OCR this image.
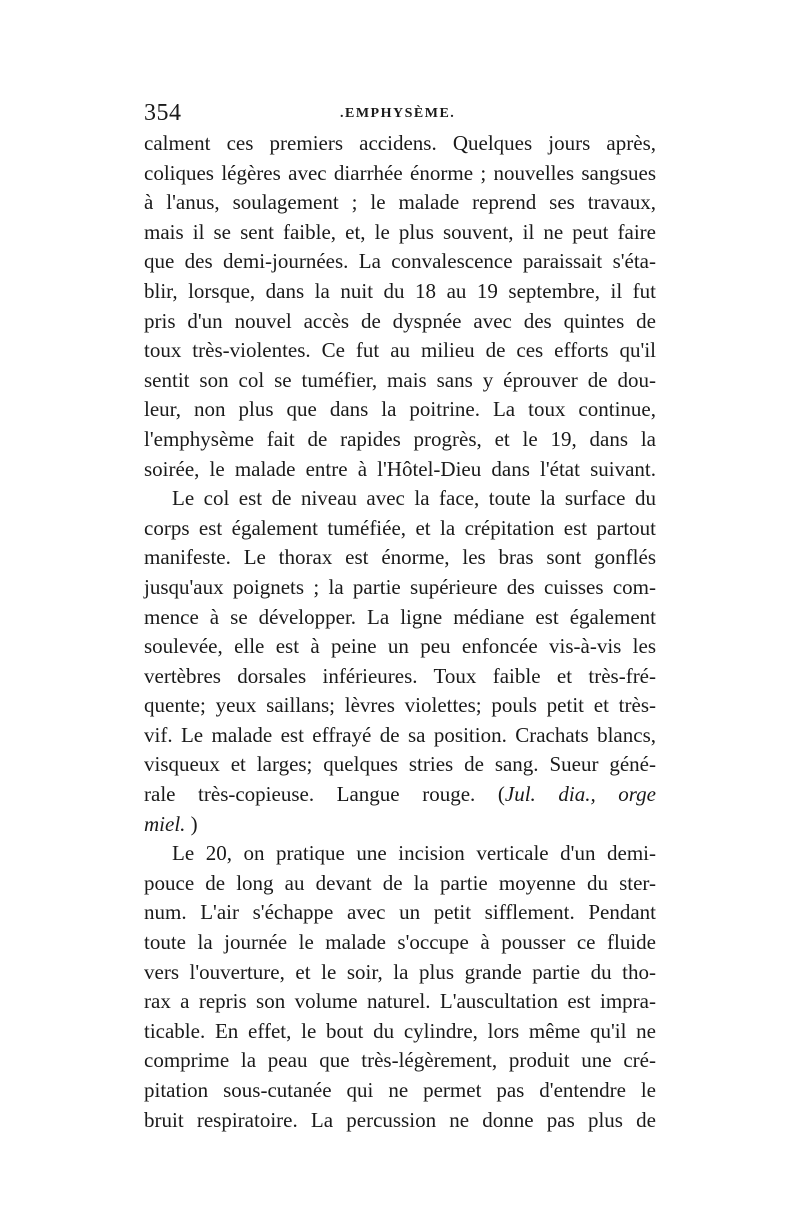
354	.EMPHYSÈME.
calment ces premiers accidens. Quelques jours après,
coliques légères avec diarrhée énorme ; nouvelles sangsues
à l'anus, soulagement ; le malade reprend ses travaux,
mais il se sent faible, et, le plus souvent, il ne peut faire
que des demi-journées. La convalescence paraissait s'éta-
blir, lorsque, dans la nuit du 18 au 19 septembre, il fut
pris d'un nouvel accès de dyspnée avec des quintes de
toux très-violentes. Ce fut au milieu de ces efforts qu'il
sentit son col se tuméfier, mais sans y éprouver de dou-
leur, non plus que dans la poitrine. La toux continue,
l'emphysème fait de rapides progrès, et le 19, dans la
soirée, le malade entre à l'Hôtel-Dieu dans l'état suivant.
Le col est de niveau avec la face, toute la surface du
corps est également tuméfiée, et la crépitation est partout
manifeste. Le thorax est énorme, les bras sont gonflés
jusqu'aux poignets ; la partie supérieure des cuisses com-
mence à se développer. La ligne médiane est également
soulevée, elle est à peine un peu enfoncée vis-à-vis les
vertèbres dorsales inférieures. Toux faible et très-fré-
quente; yeux saillans; lèvres violettes; pouls petit et très-
vif. Le malade est effrayé de sa position. Crachats blancs,
visqueux et larges; quelques stries de sang. Sueur géné-
rale très-copieuse. Langue rouge. (Jul. dia., orge
miel. )
Le 20, on pratique une incision verticale d'un demi-
pouce de long au devant de la partie moyenne du ster-
num. L'air s'échappe avec un petit sifflement. Pendant
toute la journée le malade s'occupe à pousser ce fluide
vers l'ouverture, et le soir, la plus grande partie du tho-
rax a repris son volume naturel. L'auscultation est impra-
ticable. En effet, le bout du cylindre, lors même qu'il ne
comprime la peau que très-légèrement, produit une cré-
pitation sous-cutanée qui ne permet pas d'entendre le
bruit respiratoire. La percussion ne donne pas plus de
